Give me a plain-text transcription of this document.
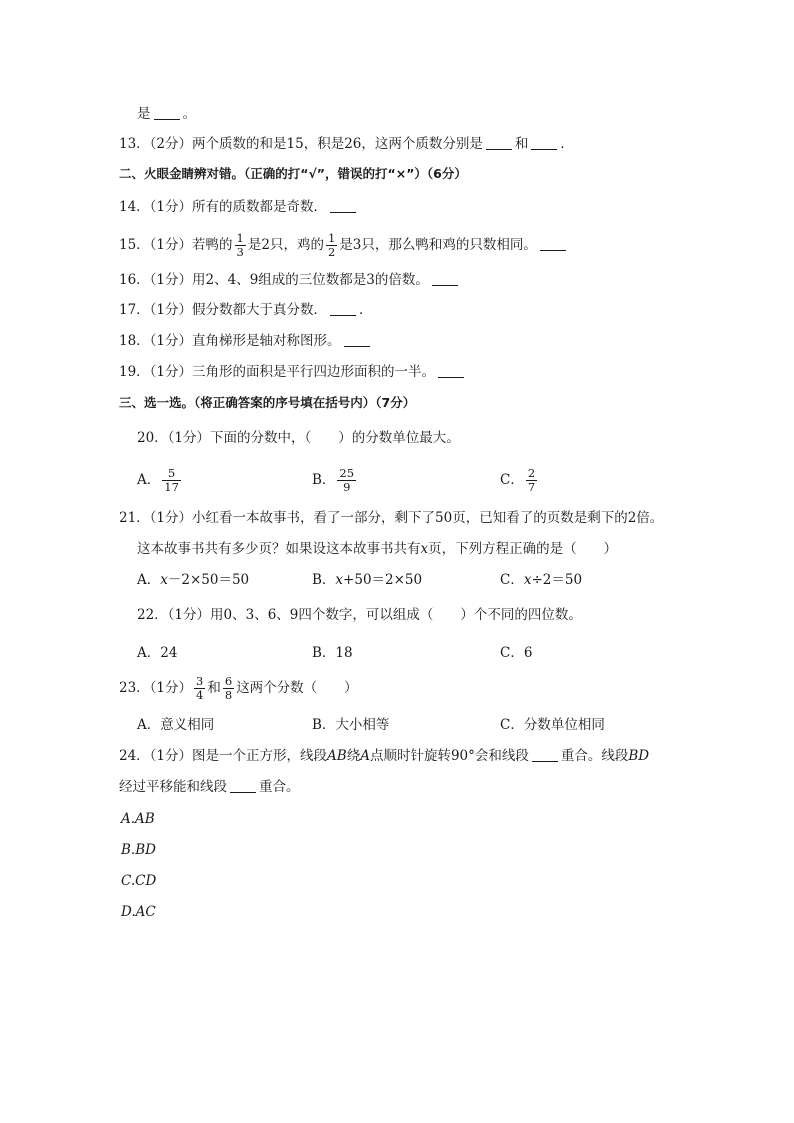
是 。
13．（2分）两个质数的和是15，积是26，这两个质数分别是 和 ．
二、火眼金睛辨对错。（正确的打“√”，错误的打“×”）（6分）
14．（1分）所有的质数都是奇数．
15．（1分）若鸭的 $\frac{1}{3}$ 是2只，鸡的 $\frac{1}{2}$ 是3只，那么鸭和鸡的只数相同。
16．（1分）用2、4、9组成的三位数都是3的倍数。
17．（1分）假分数都大于真分数． ．
18．（1分）直角梯形是轴对称图形。
19．（1分）三角形的面积是平行四边形面积的一半。
三、选一选。（将正确答案的序号填在括号内）（7分）
20．（1分）下面的分数中，（　　）的分数单位最大。
A． $\frac{5}{17}$	B． $\frac{25}{9}$	C． $\frac{2}{7}$
21．（1分）小红看一本故事书，看了一部分，剩下了50页，已知看了的页数是剩下的2倍。
这本故事书共有多少页？如果设这本故事书共有x页，下列方程正确的是（　　）
A．x－2×50＝50	B．x+50＝2×50	C．x÷2＝50
22．（1分）用0、3、6、9四个数字，可以组成（　　）个不同的四位数。
A．24	B．18	C．6
23．（1分） $\frac{3}{4}$ 和 $\frac{6}{8}$ 这两个分数（　　）
A．意义相同	B．大小相等	C．分数单位相同
24．（1分）图是一个正方形，线段AB绕A点顺时针旋转90°会和线段 重合。线段BD
经过平移能和线段 重合。
A.AB
B.BD
C.CD
D.AC
